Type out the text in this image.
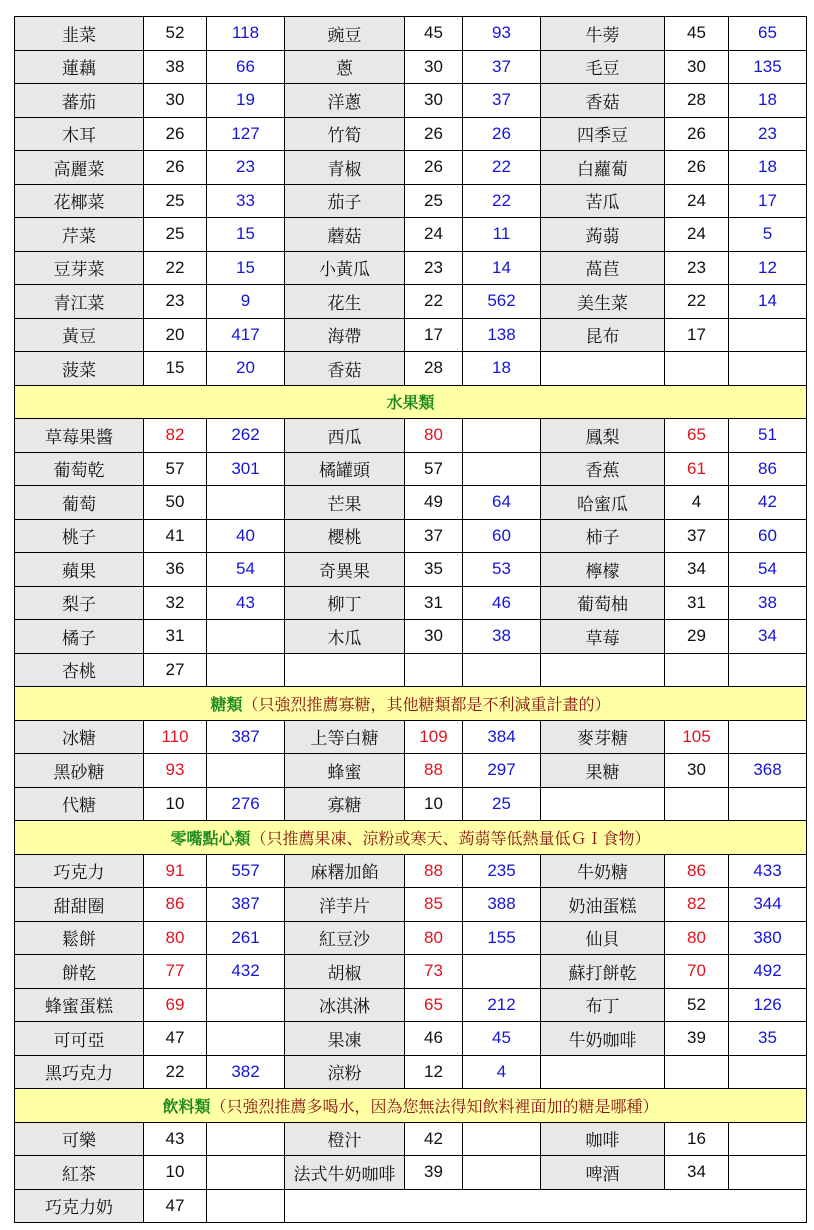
韭菜	52	118	豌豆	45	93	牛蒡	45	65
蓮藕	38	66	蔥	30	37	毛豆	30	135
蕃茄	30	19	洋蔥	30	37	香菇	28	18
木耳	26	127	竹筍	26	26	四季豆	26	23
高麗菜	26	23	青椒	26	22	白蘿蔔	26	18
花椰菜	25	33	茄子	25	22	苦瓜	24	17
芹菜	25	15	蘑菇	24	11	蒟蒻	24	5
豆芽菜	22	15	小黃瓜	23	14	萵苣	23	12
青江菜	23	9	花生	22	562	美生菜	22	14
黃豆	20	417	海帶	17	138	昆布	17	
菠菜	15	20	香菇	28	18			
水果類								
草莓果醬	82	262	西瓜	80		鳳梨	65	51
葡萄乾	57	301	橘罐頭	57		香蕉	61	86
葡萄	50		芒果	49	64	哈蜜瓜	4	42
桃子	41	40	櫻桃	37	60	柿子	37	60
蘋果	36	54	奇異果	35	53	檸檬	34	54
梨子	32	43	柳丁	31	46	葡萄柚	31	38
橘子	31		木瓜	30	38	草莓	29	34
杏桃	27							
糖類（只強烈推薦寡糖，其他糖類都是不利減重計畫的）								
冰糖	110	387	上等白糖	109	384	麥芽糖	105	
黑砂糖	93		蜂蜜	88	297	果糖	30	368
代糖	10	276	寡糖	10	25			
零嘴點心類（只推薦果凍、涼粉或寒天、蒟蒻等低熱量低ＧＩ食物）								
巧克力	91	557	麻糬加餡	88	235	牛奶糖	86	433
甜甜圈	86	387	洋芋片	85	388	奶油蛋糕	82	344
鬆餅	80	261	紅豆沙	80	155	仙貝	80	380
餅乾	77	432	胡椒	73		蘇打餅乾	70	492
蜂蜜蛋糕	69		冰淇淋	65	212	布丁	52	126
可可亞	47		果凍	46	45	牛奶咖啡	39	35
黑巧克力	22	382	涼粉	12	4			
飲料類（只強烈推薦多喝水，因為您無法得知飲料裡面加的糖是哪種）								
可樂	43		橙汁	42		咖啡	16	
紅茶	10		法式牛奶咖啡	39		啤酒	34	
巧克力奶	47							
